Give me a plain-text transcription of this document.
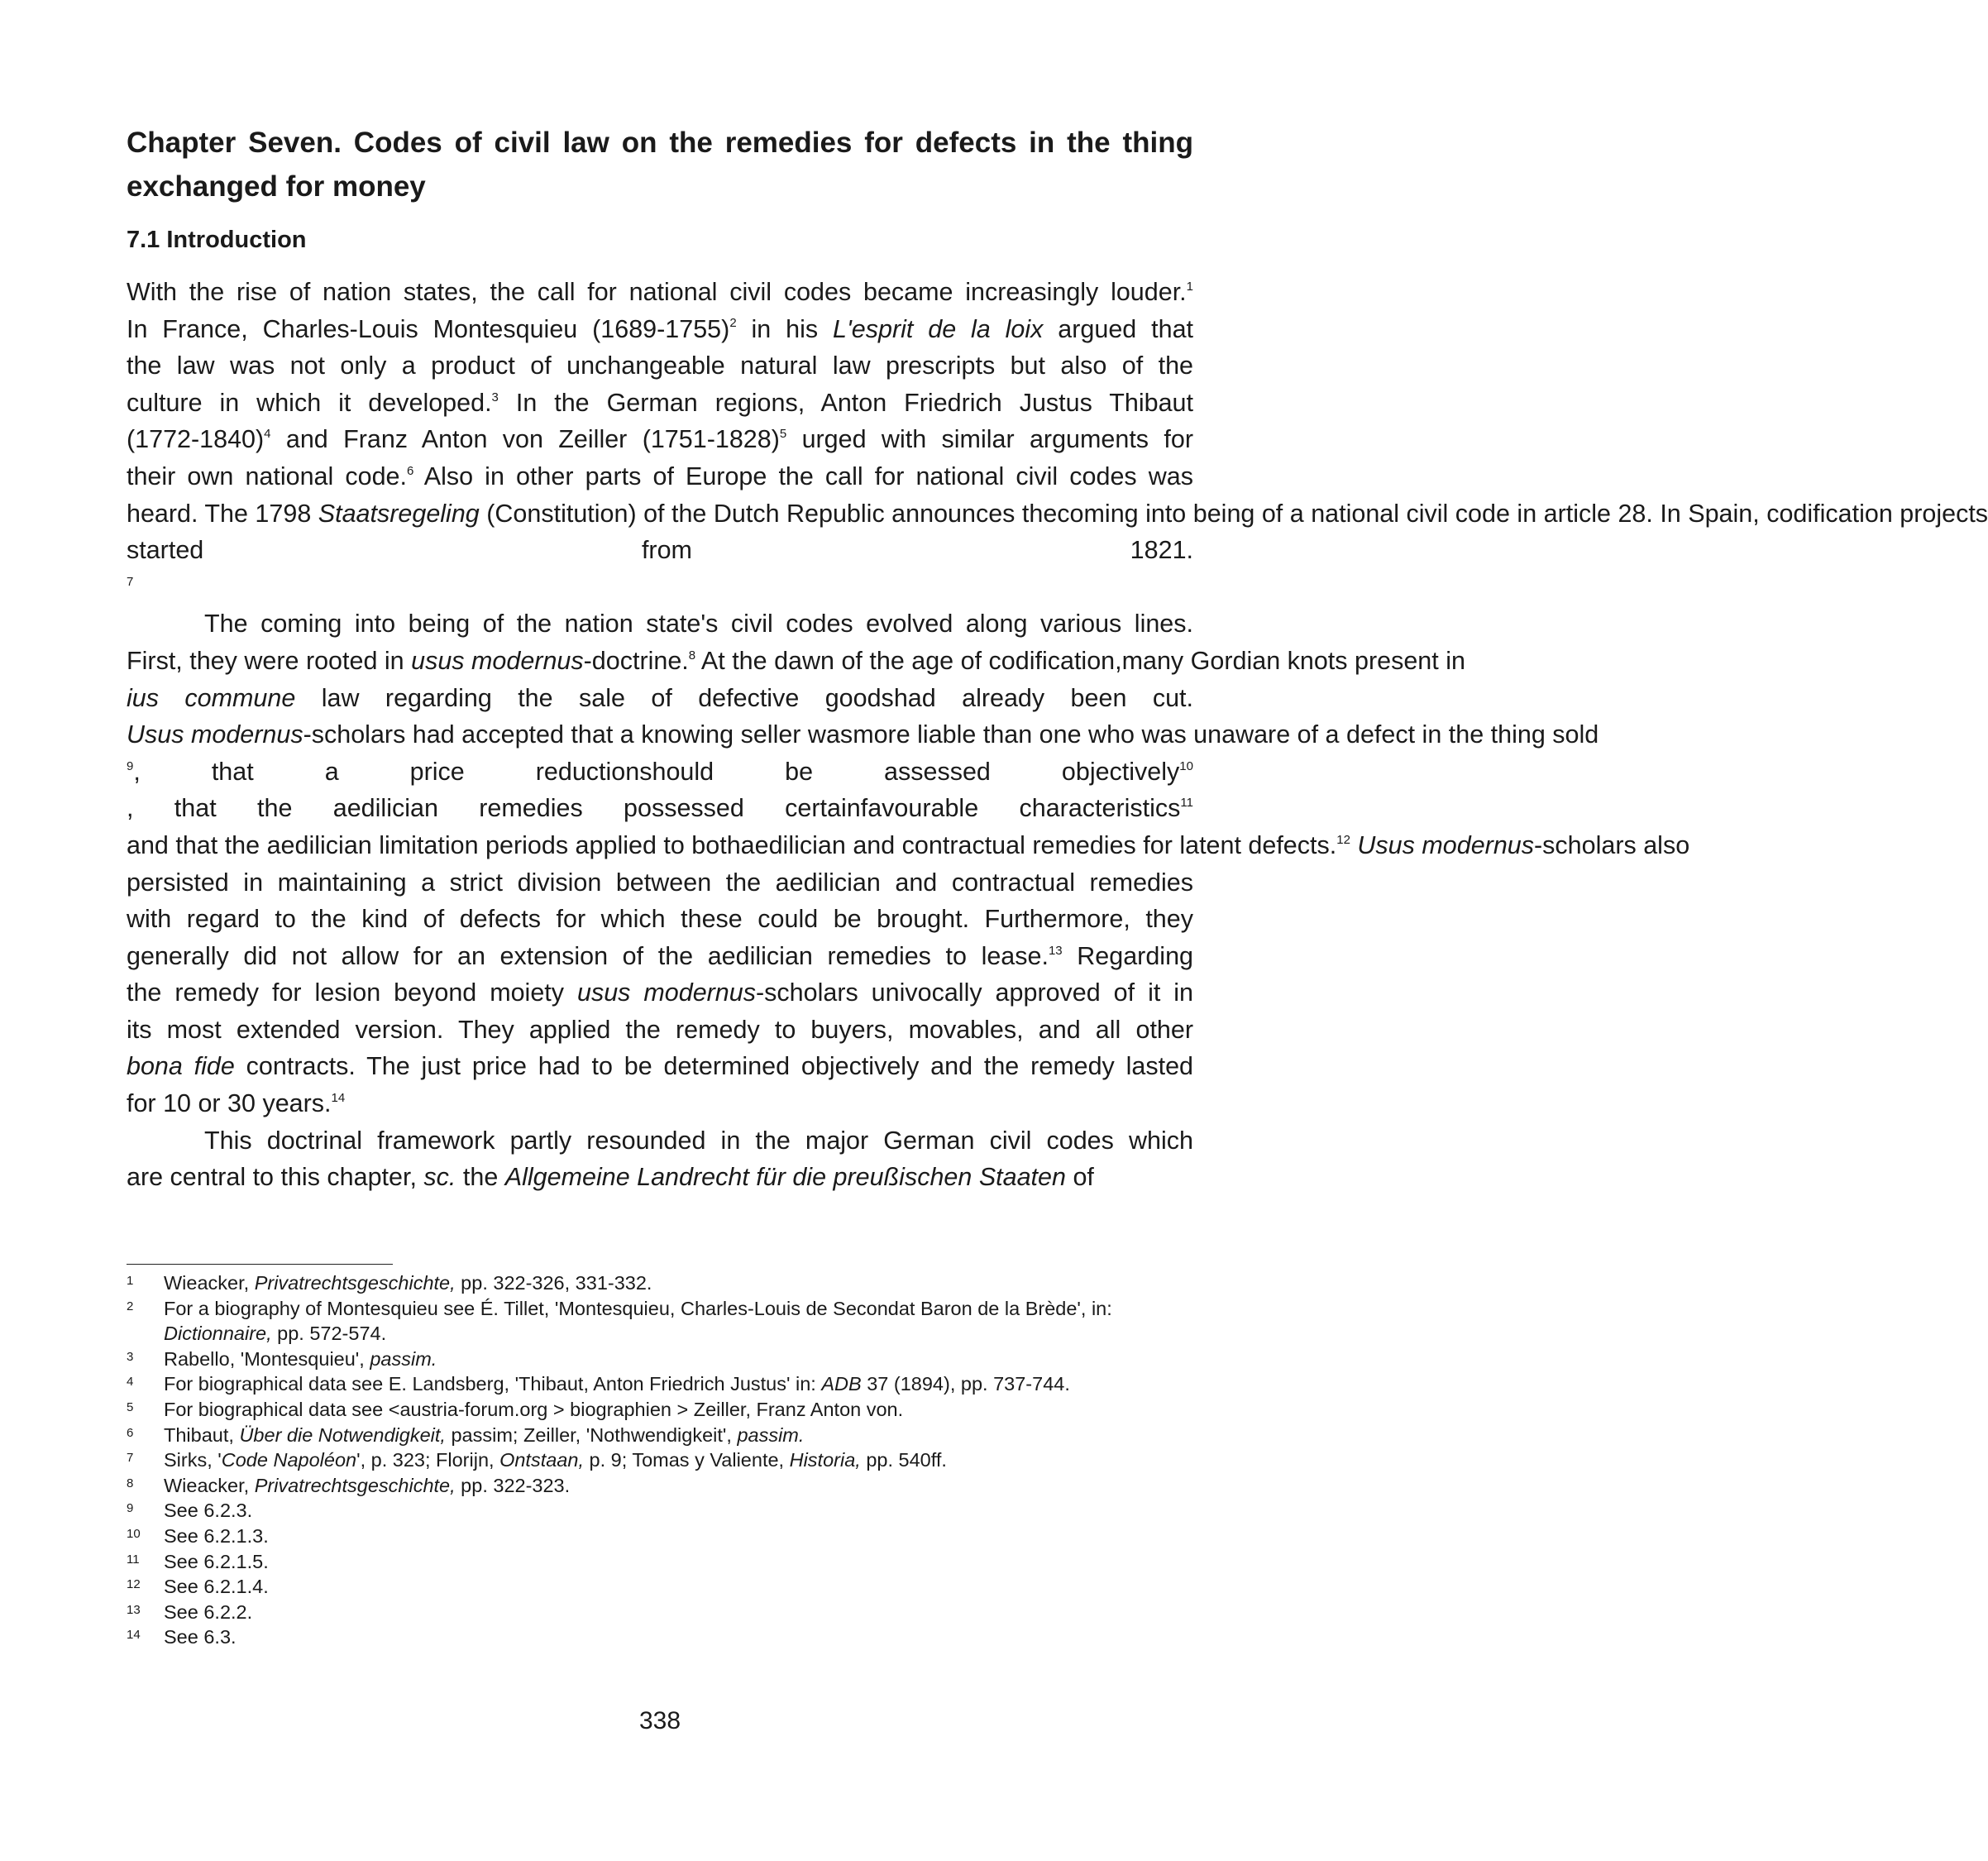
Chapter Seven. Codes of civil law on the remedies for defects in the thing exchanged for money
7.1 Introduction

With the rise of nation states, the call for national civil codes became increasingly louder.$^1$
In France, Charles-Louis Montesquieu (1689-1755)$^2$ in his L'esprit de la loix argued that
the law was not only a product of unchangeable natural law prescripts but also of the
culture in which it developed.$^3$ In the German regions, Anton Friedrich Justus Thibaut
(1772-1840)$^4$ and Franz Anton von Zeiller (1751-1828)$^5$ urged with similar arguments for
their own national code.$^6$ Also in other parts of Europe the call for national civil codes was
heard. The 1798 Staatsregeling (Constitution) of the Dutch Republic announces thecoming into being of a national civil code in article 28. In Spain, codification projects
started from 1821.
$^7$

The coming into being of the nation state's civil codes evolved along various lines.
First, they were rooted in usus modernus-doctrine.$^8$ At the dawn of the age of codification,many Gordian knots present in
ius commune law regarding the sale of defective goodshad already been cut.
Usus modernus-scholars had accepted that a knowing seller wasmore liable than one who was unaware of a defect in the thing sold
$^9$, that a price reductionshould be assessed objectively$^{10}$
, that the aedilician remedies possessed certainfavourable characteristics$^{11}$
and that the aedilician limitation periods applied to bothaedilician and contractual remedies for latent defects.$^{12}$ Usus modernus-scholars also
persisted in maintaining a strict division between the aedilician and contractual remedies
with regard to the kind of defects for which these could be brought. Furthermore, they
generally did not allow for an extension of the aedilician remedies to lease.$^{13}$ Regarding
the remedy for lesion beyond moiety usus modernus-scholars univocally approved of it in
its most extended version. They applied the remedy to buyers, movables, and all other
bona fide contracts. The just price had to be determined objectively and the remedy lasted
for 10 or 30 years.$^{14}$

This doctrinal framework partly resounded in the major German civil codes which
are central to this chapter, sc. the Allgemeine Landrecht für die preußischen Staaten of

1	Wieacker, Privatrechtsgeschichte, pp. 322-326, 331-332.
2	For a biography of Montesquieu see É. Tillet, 'Montesquieu, Charles-Louis de Secondat Baron de la Brède', in: Dictionnaire, pp. 572-574.
3	Rabello, 'Montesquieu', passim.
4	For biographical data see E. Landsberg, 'Thibaut, Anton Friedrich Justus' in: ADB 37 (1894), pp. 737-744.
5	For biographical data see <austria-forum.org > biographien > Zeiller, Franz Anton von.
6	Thibaut, Über die Notwendigkeit, passim; Zeiller, 'Nothwendigkeit', passim.
7	Sirks, 'Code Napoléon', p. 323; Florijn, Ontstaan, p. 9; Tomas y Valiente, Historia, pp. 540ff.
8	Wieacker, Privatrechtsgeschichte, pp. 322-323.
9	See 6.2.3.
10	See 6.2.1.3.
11	See 6.2.1.5.
12	See 6.2.1.4.
13	See 6.2.2.
14	See 6.3.
338
